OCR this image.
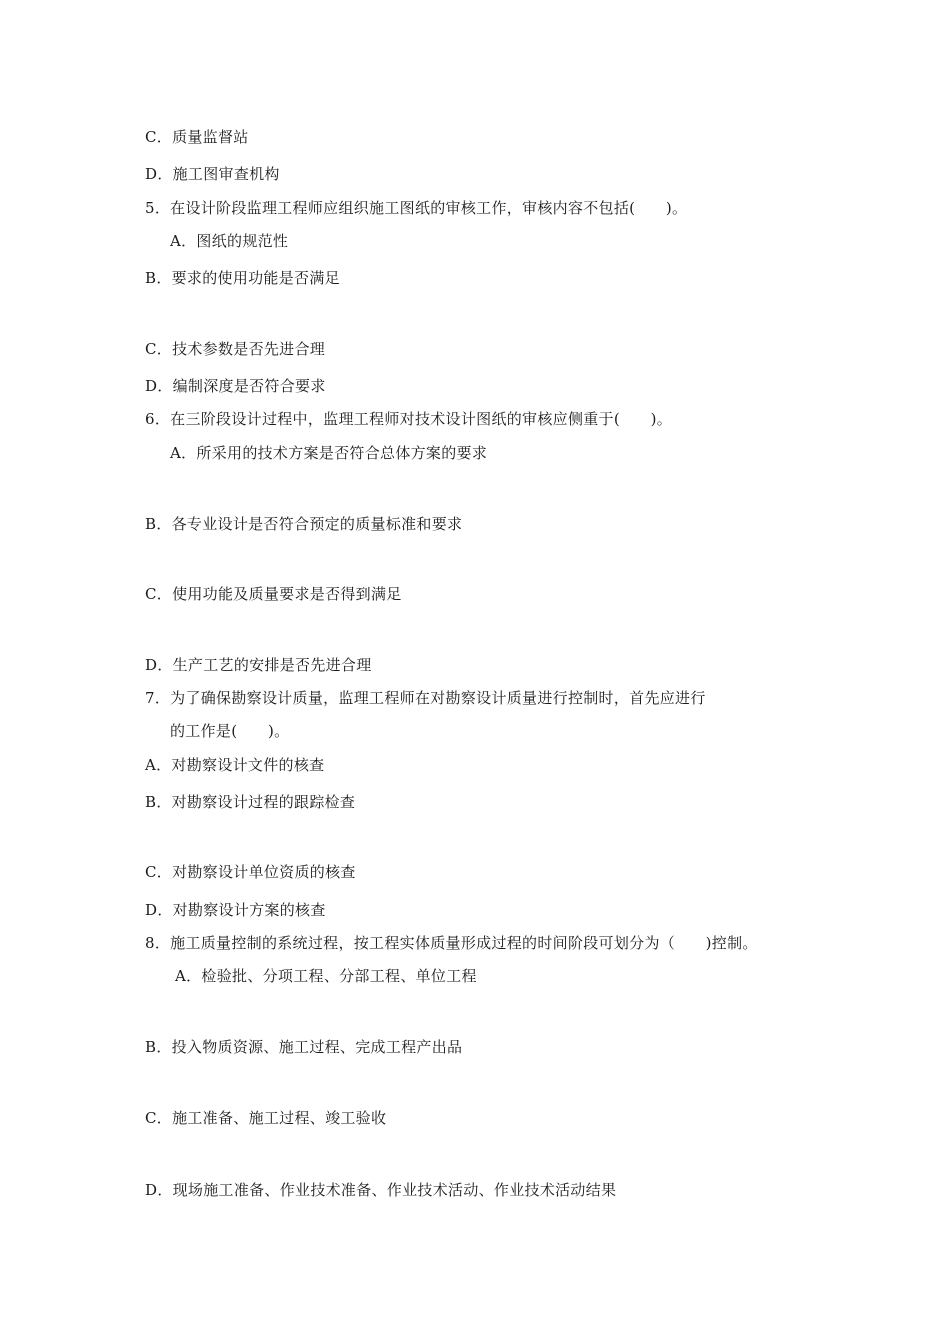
C．质量监督站
D．施工图审查机构
5．在设计阶段监理工程师应组织施工图纸的审核工作，审核内容不包括(　　)。
A．图纸的规范性
B．要求的使用功能是否满足
C．技术参数是否先进合理
D．编制深度是否符合要求
6．在三阶段设计过程中，监理工程师对技术设计图纸的审核应侧重于(　　)。
A．所采用的技术方案是否符合总体方案的要求
B．各专业设计是否符合预定的质量标准和要求
C．使用功能及质量要求是否得到满足
D．生产工艺的安排是否先进合理
7．为了确保勘察设计质量，监理工程师在对勘察设计质量进行控制时，首先应进行
的工作是(　　)。
A．对勘察设计文件的核查
B．对勘察设计过程的跟踪检查
C．对勘察设计单位资质的核查
D．对勘察设计方案的核查
8．施工质量控制的系统过程，按工程实体质量形成过程的时间阶段可划分为（　　)控制。
A．检验批、分项工程、分部工程、单位工程
B．投入物质资源、施工过程、完成工程产出品
C．施工准备、施工过程、竣工验收
D．现场施工准备、作业技术准备、作业技术活动、作业技术活动结果
